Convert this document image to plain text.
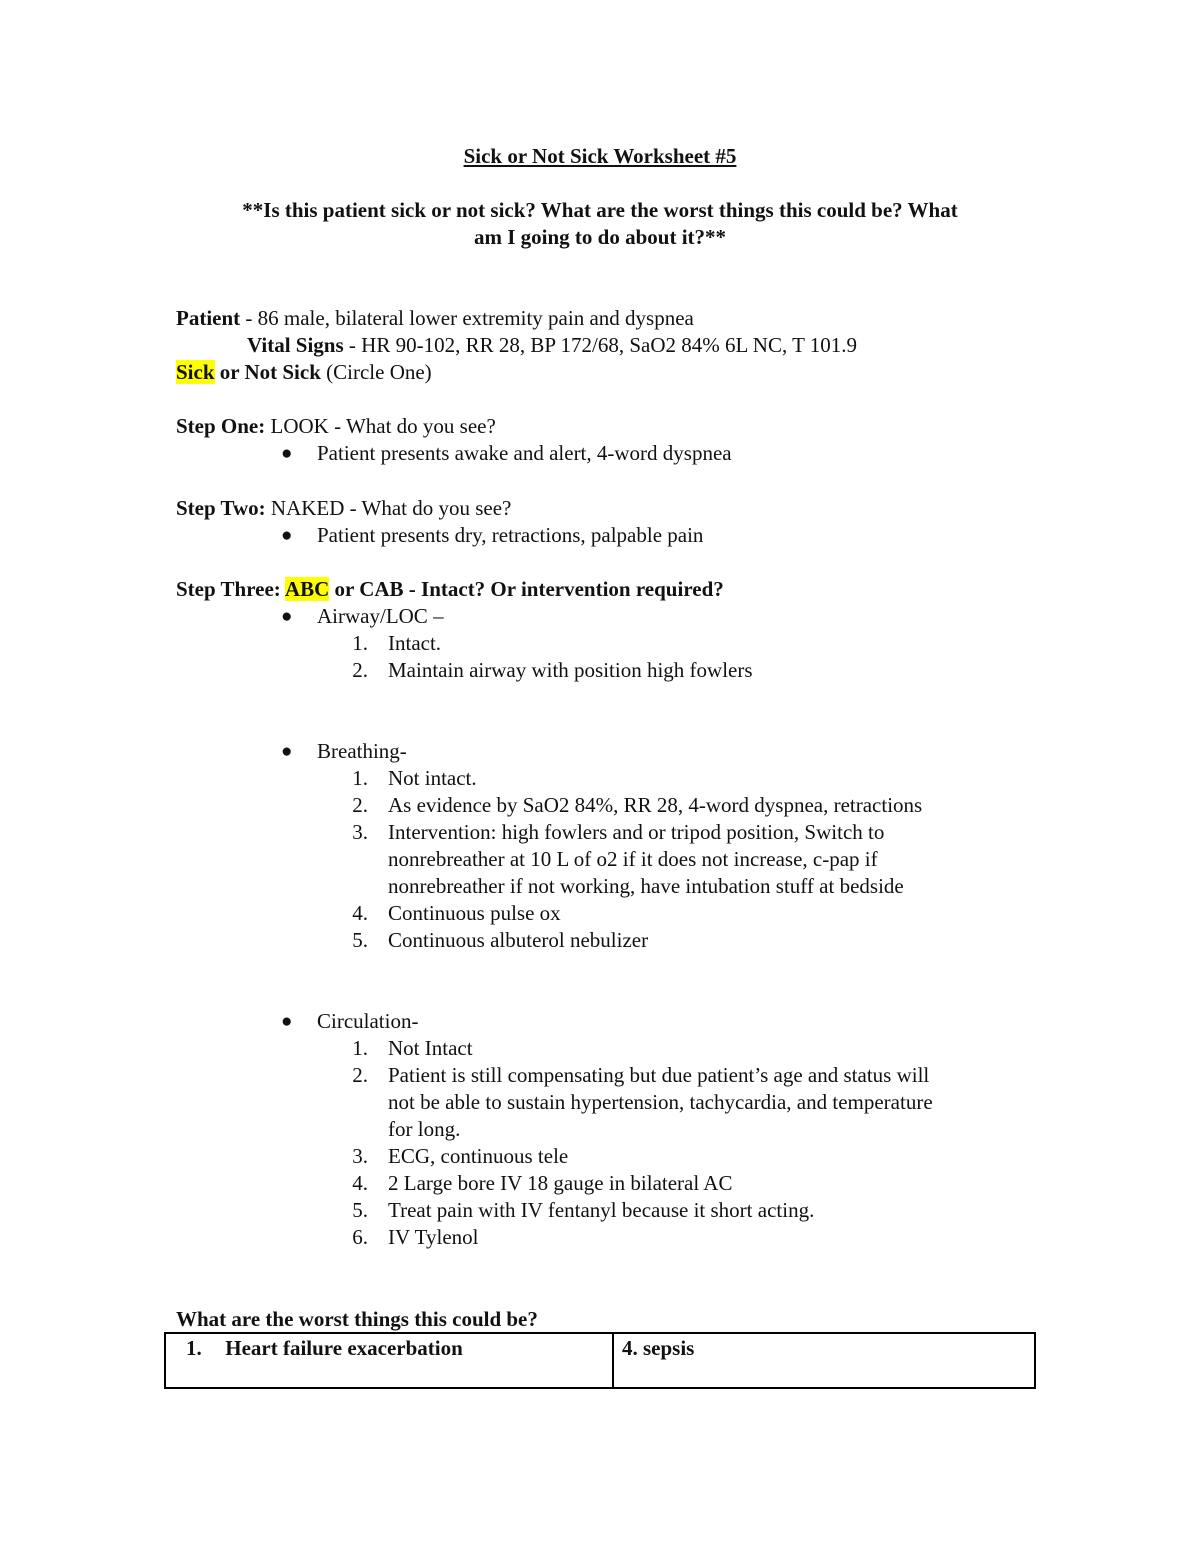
Sick or Not Sick Worksheet #5
**Is this patient sick or not sick? What are the worst things this could be? What
am I going to do about it?**
Patient - 86 male, bilateral lower extremity pain and dyspnea
Vital Signs - HR 90-102, RR 28, BP 172/68, SaO2 84% 6L NC, T 101.9
Sick or Not Sick (Circle One)
Step One: LOOK - What do you see?
● Patient presents awake and alert, 4-word dyspnea
Step Two: NAKED - What do you see?
● Patient presents dry, retractions, palpable pain
Step Three: ABC or CAB - Intact? Or intervention required?
● Airway/LOC –
1. Intact.
2. Maintain airway with position high fowlers
● Breathing-
1. Not intact.
2. As evidence by SaO2 84%, RR 28, 4-word dyspnea, retractions
3. Intervention: high fowlers and or tripod position, Switch to
nonrebreather at 10 L of o2 if it does not increase, c-pap if
nonrebreather if not working, have intubation stuff at bedside
4. Continuous pulse ox
5. Continuous albuterol nebulizer
● Circulation-
1. Not Intact
2. Patient is still compensating but due patient’s age and status will
not be able to sustain hypertension, tachycardia, and temperature
for long.
3. ECG, continuous tele
4. 2 Large bore IV 18 gauge in bilateral AC
5. Treat pain with IV fentanyl because it short acting.
6. IV Tylenol
What are the worst things this could be?
1. Heart failure exacerbation	4. sepsis
